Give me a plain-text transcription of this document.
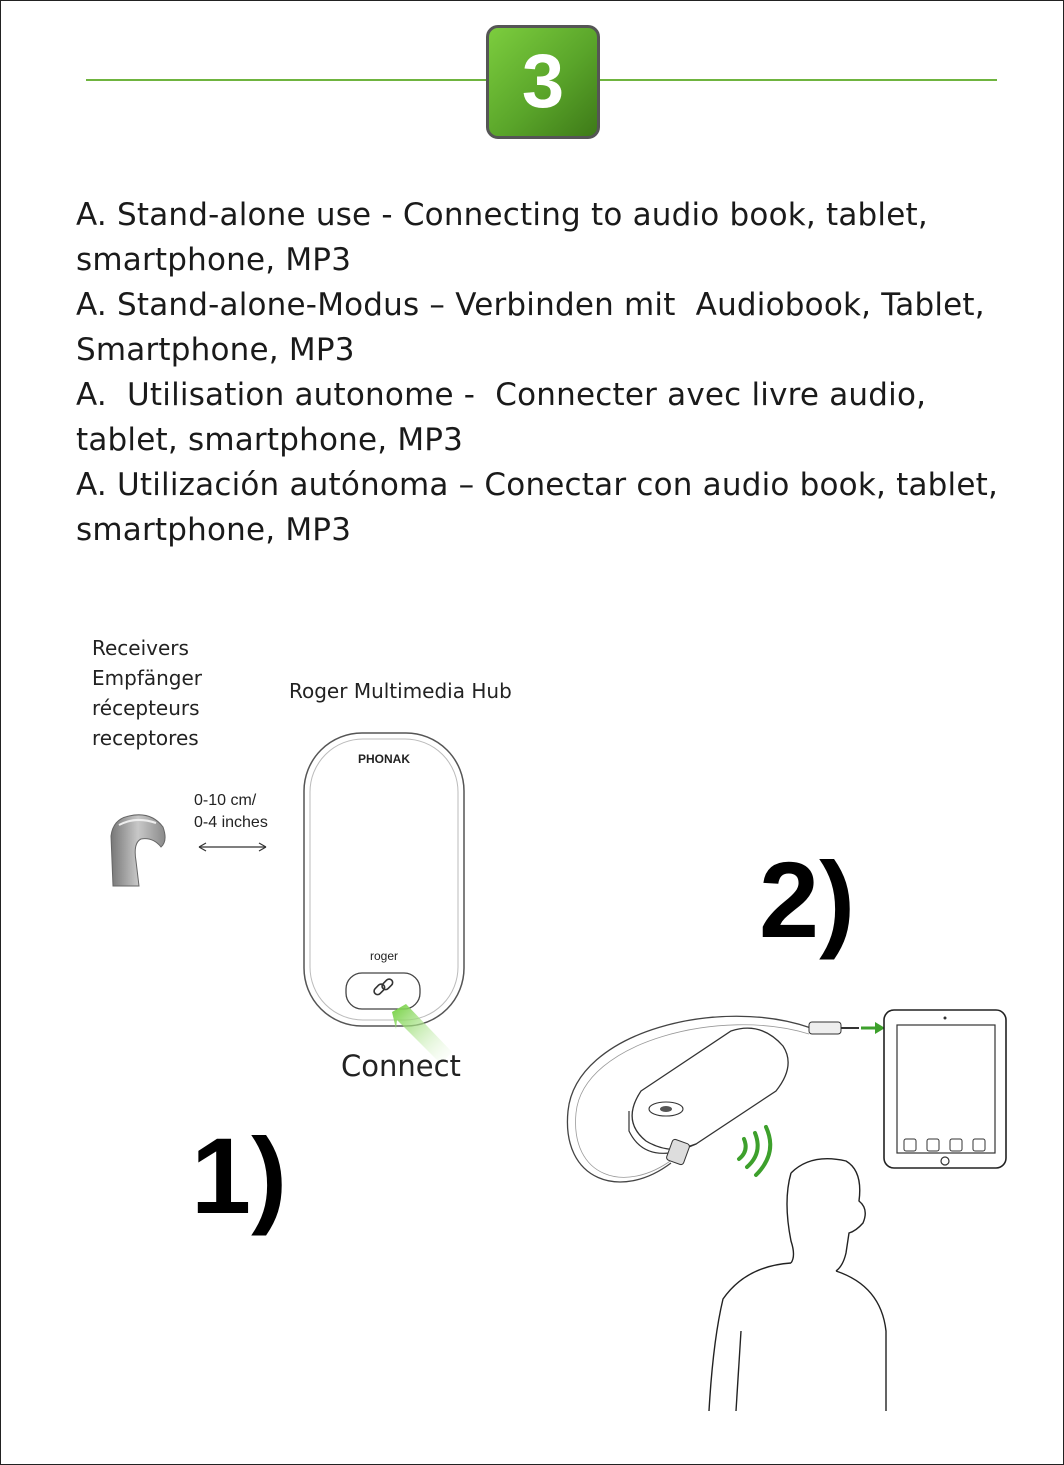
3

A. Stand-alone use - Connecting to audio book, tablet, smartphone, MP3

A. Stand-alone-Modus – Verbinden mit  Audiobook, Tablet, Smartphone, MP3

A.  Utilisation autonome -  Connecter avec livre audio, tablet, smartphone, MP3

A. Utilización autónoma – Conectar con audio book, tablet, smartphone, MP3

Receivers
Empfänger
récepteurs
receptores
Roger Multimedia Hub
0-10 cm/
0-4 inches
PHONAK
roger
Connect
1)
2)
